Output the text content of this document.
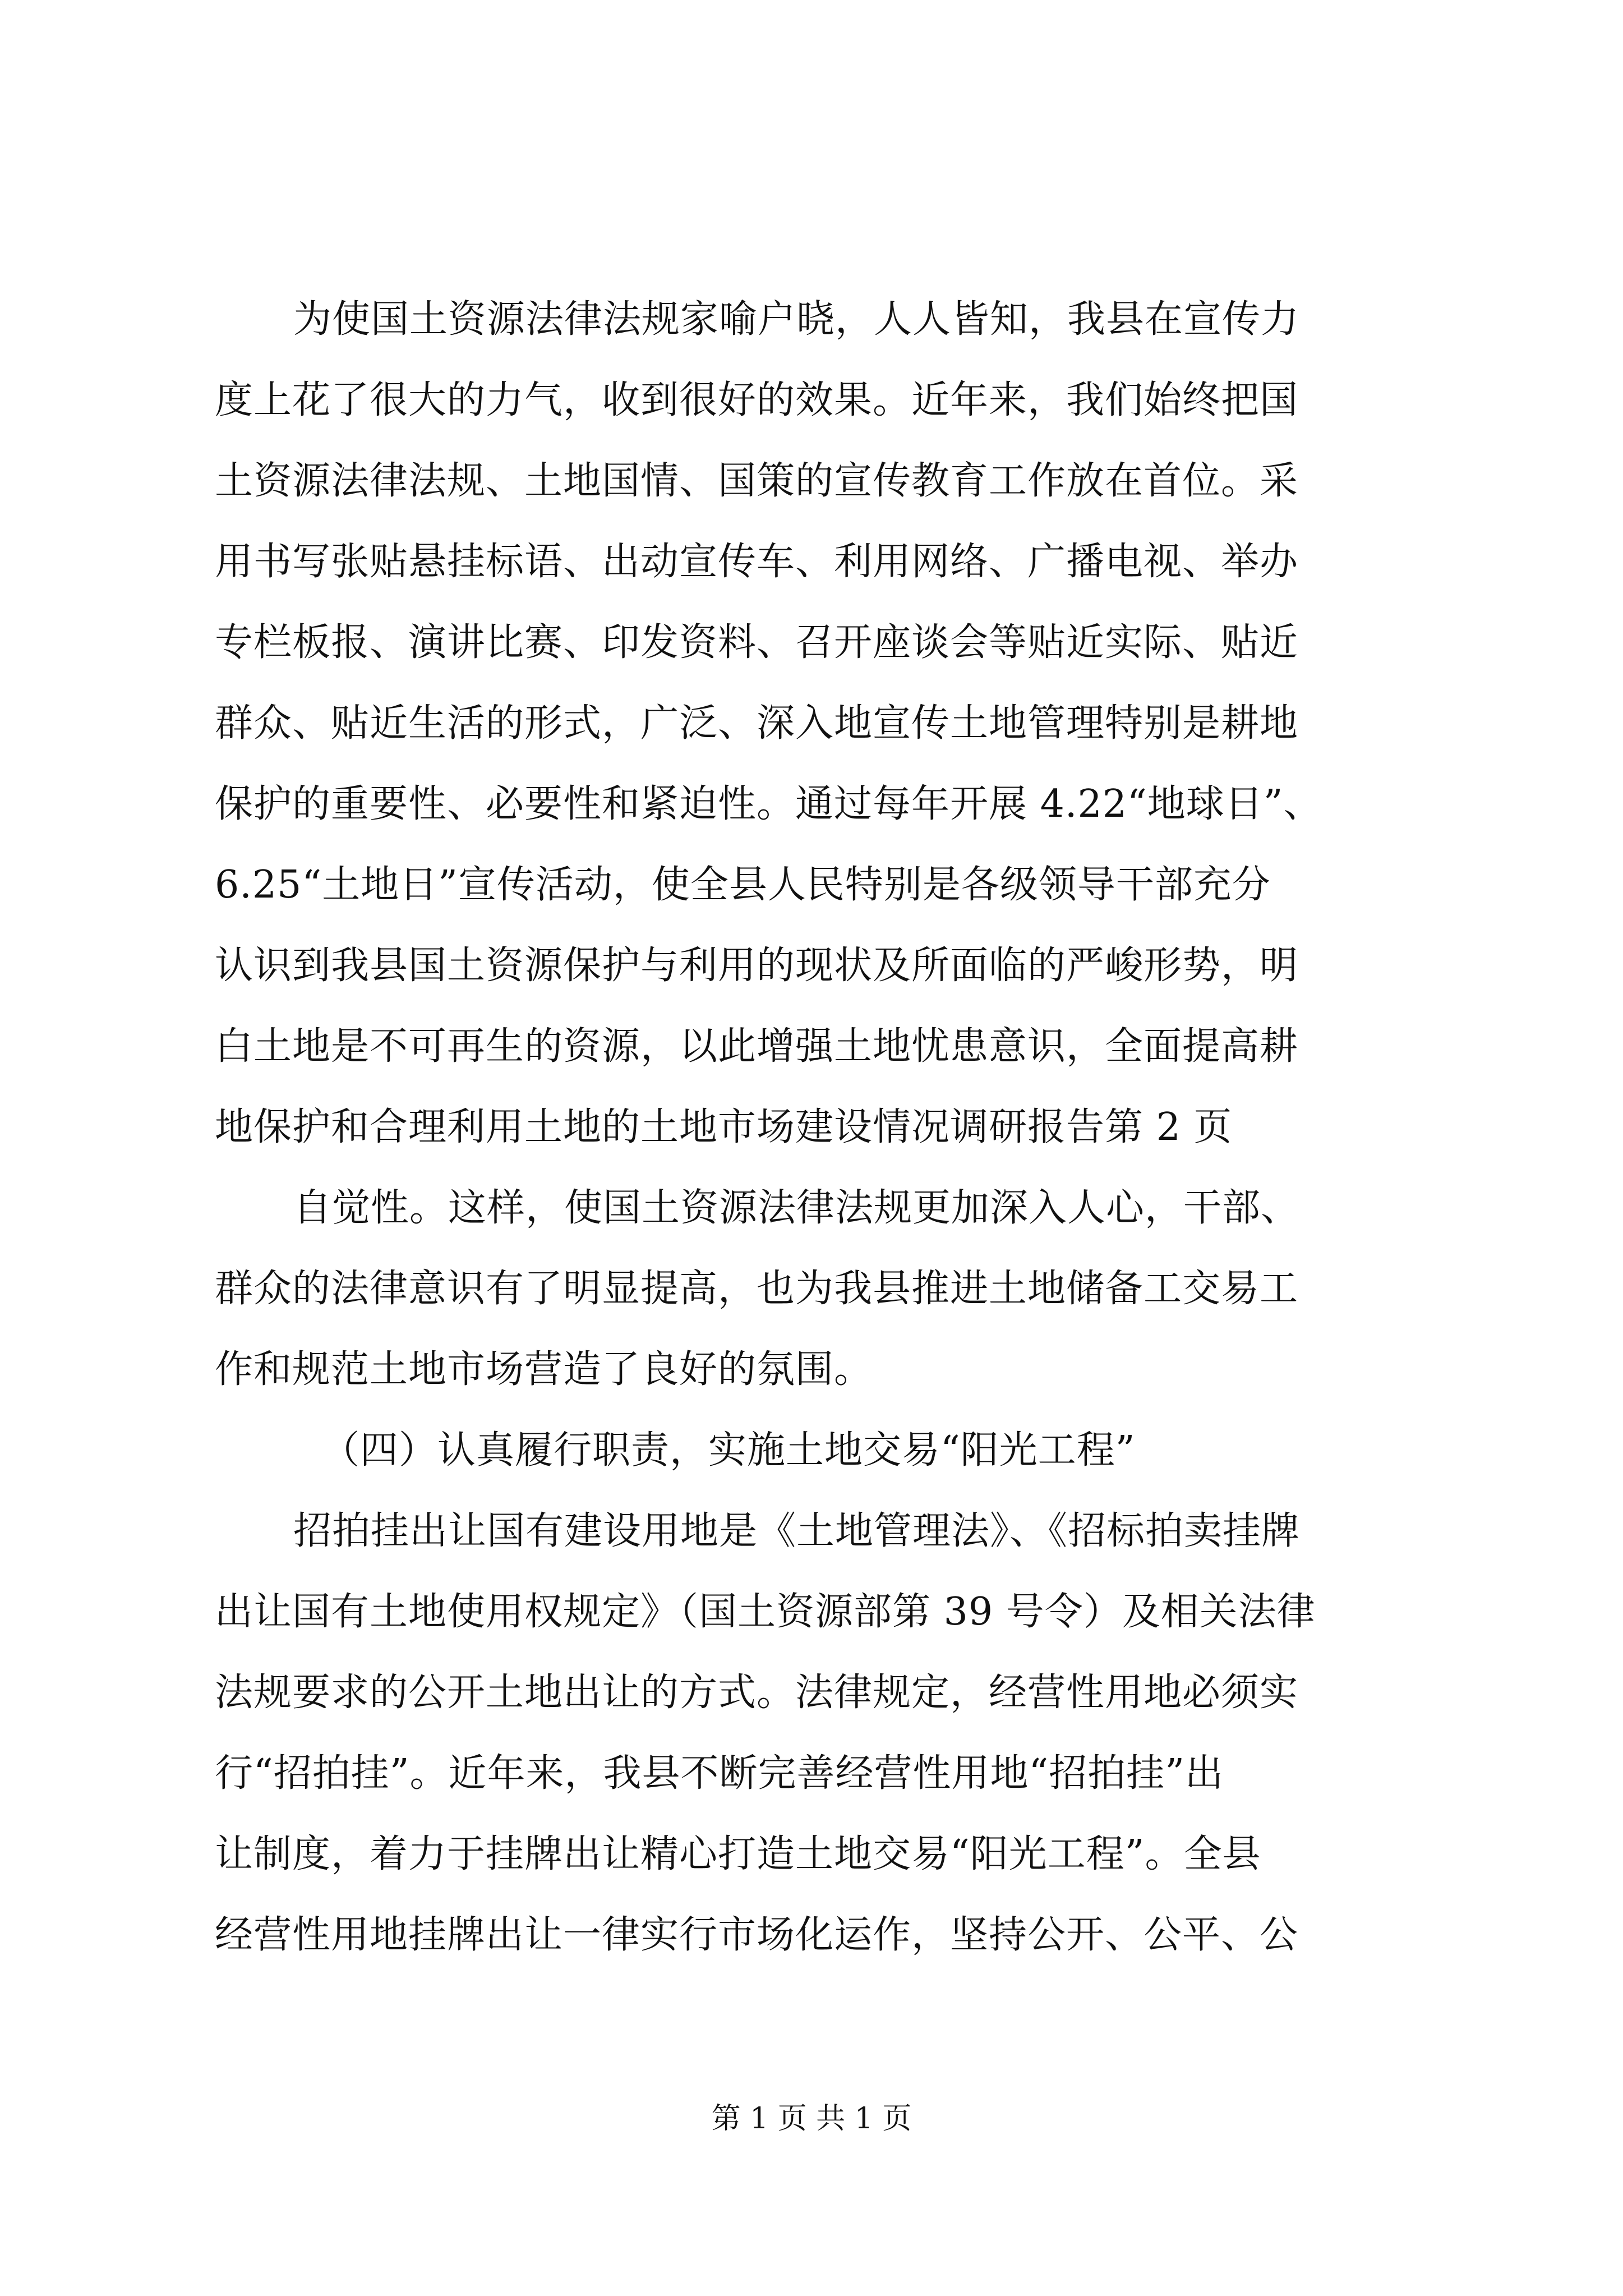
为使国土资源法律法规家喻户晓，人人皆知，我县在宣传力
度上花了很大的力气，收到很好的效果。近年来，我们始终把国
土资源法律法规、土地国情、国策的宣传教育工作放在首位。采
用书写张贴悬挂标语、出动宣传车、利用网络、广播电视、举办
专栏板报、演讲比赛、印发资料、召开座谈会等贴近实际、贴近
群众、贴近生活的形式，广泛、深入地宣传土地管理特别是耕地
保护的重要性、必要性和紧迫性。通过每年开展 4.22“地球日”、
6.25“土地日”宣传活动，使全县人民特别是各级领导干部充分
认识到我县国土资源保护与利用的现状及所面临的严峻形势，明
白土地是不可再生的资源，以此增强土地忧患意识，全面提高耕
地保护和合理利用土地的土地市场建设情况调研报告第 2 页
自觉性。这样，使国土资源法律法规更加深入人心，干部、
群众的法律意识有了明显提高，也为我县推进土地储备工交易工
作和规范土地市场营造了良好的氛围。
（四）认真履行职责，实施土地交易“阳光工程”
招拍挂出让国有建设用地是《土地管理法》、《招标拍卖挂牌
出让国有土地使用权规定》（国土资源部第 39 号令）及相关法律
法规要求的公开土地出让的方式。法律规定，经营性用地必须实
行“招拍挂”。近年来，我县不断完善经营性用地“招拍挂”出
让制度，着力于挂牌出让精心打造土地交易“阳光工程”。全县
经营性用地挂牌出让一律实行市场化运作，坚持公开、公平、公
第 1 页 共 1 页
